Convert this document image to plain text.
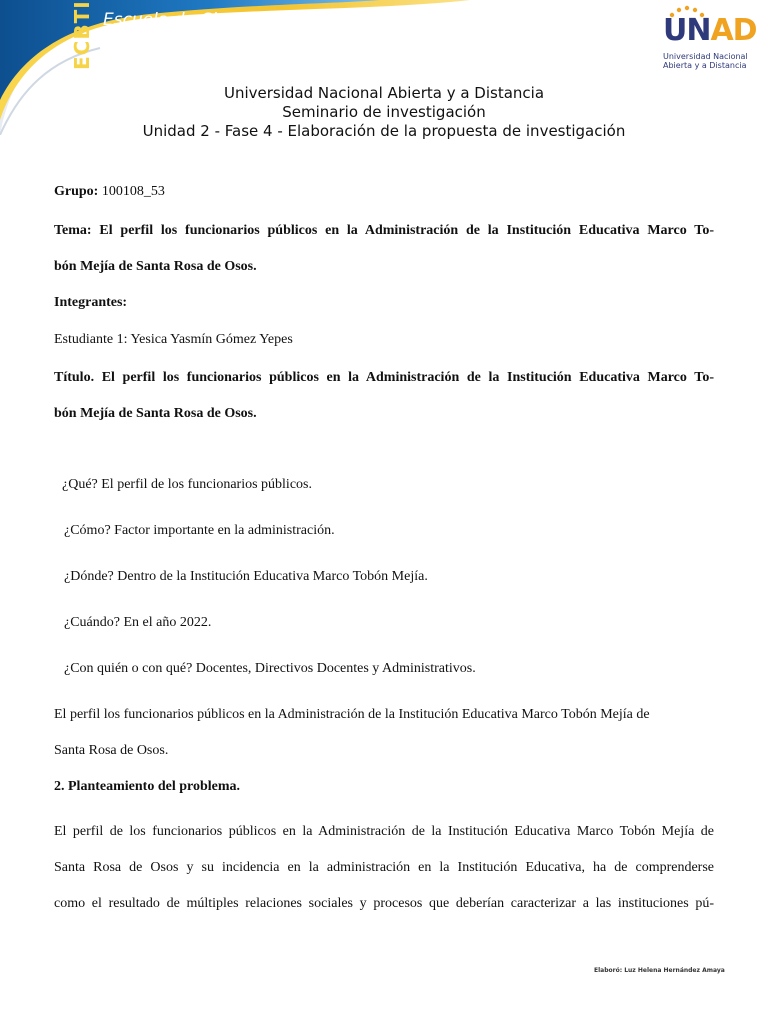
ECBTI Escuela de Ciencias
Básicas, Tecnología e
Ingeniería
UNAD
Universidad Nacional
Abierta y a Distancia
Universidad Nacional Abierta y a Distancia
Seminario de investigación
Unidad 2 - Fase 4 - Elaboración de la propuesta de investigación
Grupo: 100108_53
Tema: El perfil los funcionarios públicos en la Administración de la Institución Educativa Marco To-
bón Mejía de Santa Rosa de Osos.
Integrantes:
Estudiante 1: Yesica Yasmín Gómez Yepes
Título. El perfil los funcionarios públicos en la Administración de la Institución Educativa Marco To-
bón Mejía de Santa Rosa de Osos.
¿Qué? El perfil de los funcionarios públicos.
¿Cómo? Factor importante en la administración.
¿Dónde? Dentro de la Institución Educativa Marco Tobón Mejía.
¿Cuándo? En el año 2022.
¿Con quién o con qué? Docentes, Directivos Docentes y Administrativos.
El perfil los funcionarios públicos en la Administración de la Institución Educativa Marco Tobón Mejía de
Santa Rosa de Osos.
2. Planteamiento del problema.
El perfil de los funcionarios públicos en la Administración de la Institución Educativa Marco Tobón Mejía de
Santa Rosa de Osos y su incidencia en la administración en la Institución Educativa, ha de comprenderse
como el resultado de múltiples relaciones sociales y procesos que deberían caracterizar a las instituciones pú-
Elaboró: Luz Helena Hernández Amaya
